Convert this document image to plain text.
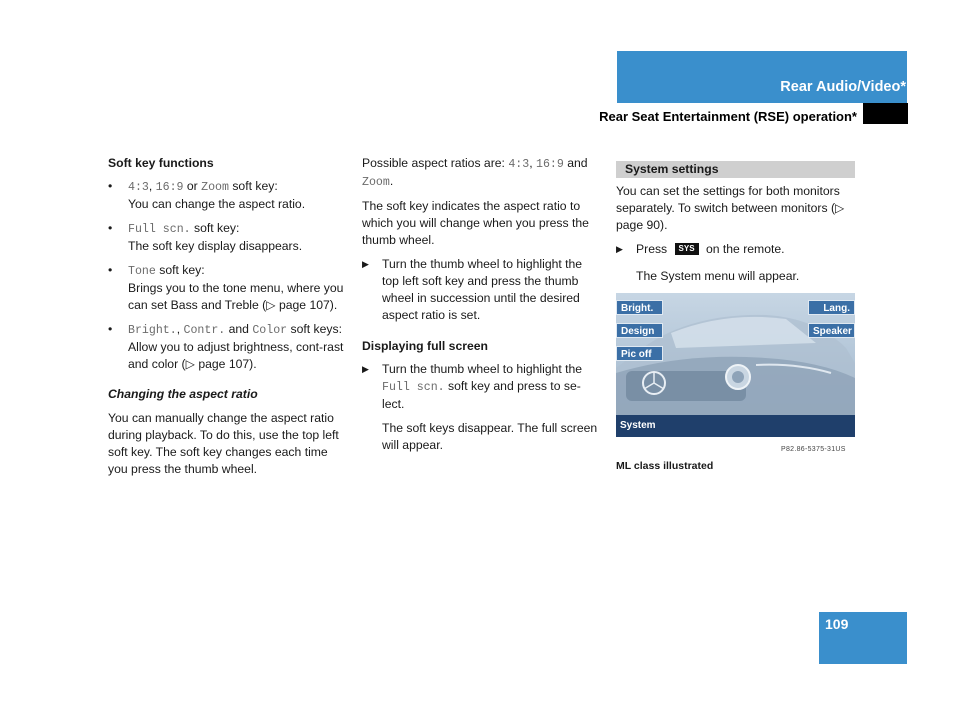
Rear Audio/Video*
Rear Seat Entertainment (RSE) operation*
Soft key functions
• 4:3, 16:9 or Zoom soft key:
You can change the aspect ratio.
• Full scn. soft key:
The soft key display disappears.
• Tone soft key:
Brings you to the tone menu, where you can set Bass and Treble (▷ page 107).
• Bright., Contr. and Color soft keys:
Allow you to adjust brightness, cont-rast and color (▷ page 107).
Changing the aspect ratio

You can manually change the aspect ratio during playback. To do this, use the top left soft key. The soft key changes each time you press the thumb wheel.

Possible aspect ratios are: 4:3, 16:9 and Zoom.

The soft key indicates the aspect ratio to which you will change when you press the thumb wheel.

▶ Turn the thumb wheel to highlight the top left soft key and press the thumb wheel in succession until the desired aspect ratio is set.
Displaying full screen
▶ Turn the thumb wheel to highlight the Full scn. soft key and press to se-lect.

The soft keys disappear. The full screen will appear.

System settings

You can set the settings for both monitors separately. To switch between monitors (▷ page 90).

▶ Press SYS on the remote.

The System menu will appear.

Bright.
Design
Pic off
Lang.
Speaker
System
P82.86-5375-31US
ML class illustrated
109
